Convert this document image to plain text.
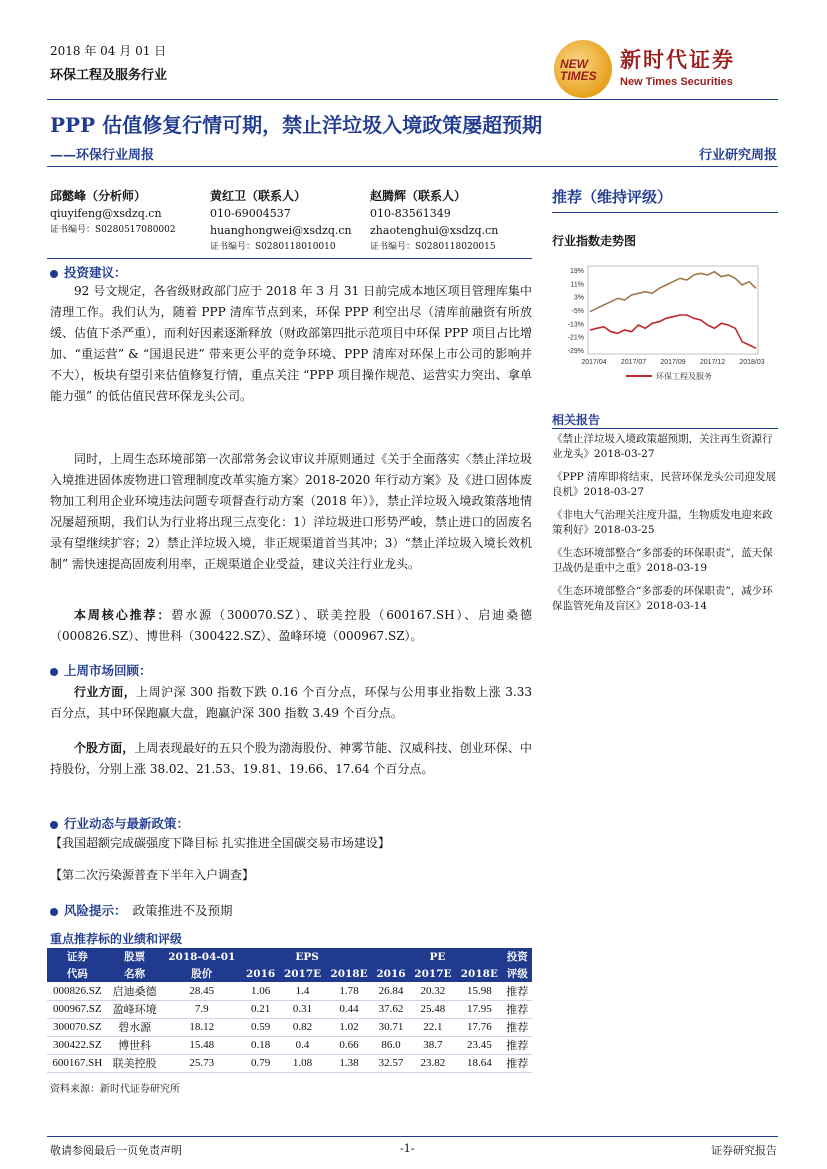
2018 年 04 月 01 日
环保工程及服务行业
NEW
TIMES
新时代证券
New Times Securities
PPP 估值修复行情可期，禁止洋垃圾入境政策屡超预期
——环保行业周报	行业研究周报
邱懿峰（分析师）
qiuyifeng@xsdzq.cn
证书编号：S0280517080002
黄红卫（联系人）
010-69004537
huanghongwei@xsdzq.cn
证书编号：S0280118010010
赵腾辉（联系人）
010-83561349
zhaotenghui@xsdzq.cn
证书编号：S0280118020015
投资建议：
92 号文规定，各省级财政部门应于 2018 年 3 月 31 日前完成本地区项目管理库集中清理工作。我们认为，随着 PPP 清库节点到来，环保 PPP 利空出尽（清库前融资有所放缓、估值下杀严重），而利好因素逐渐释放（财政部第四批示范项目中环保 PPP 项目占比增加、“重运营” & “国退民进” 带来更公平的竞争环境、PPP 清库对环保上市公司的影响并不大），板块有望引来估值修复行情，重点关注 “PPP 项目操作规范、运营实力突出、拿单能力强” 的低估值民营环保龙头公司。
同时，上周生态环境部第一次部常务会议审议并原则通过《关于全面落实〈禁止洋垃圾入境推进固体废物进口管理制度改革实施方案〉2018-2020 年行动方案》及《进口固体废物加工利用企业环境违法问题专项督查行动方案（2018 年）》，禁止洋垃圾入境政策落地情况屡超预期，我们认为行业将出现三点变化：1）洋垃圾进口形势严峻，禁止进口的固废名录有望继续扩容；2）禁止洋垃圾入境，非正规渠道首当其冲；3）“禁止洋垃圾入境长效机制” 需快速提高固废利用率，正规渠道企业受益，建议关注行业龙头。
本周核心推荐：碧水源（300070.SZ）、联美控股（600167.SH）、启迪桑德（000826.SZ）、博世科（300422.SZ）、盈峰环境（000967.SZ）。
上周市场回顾：
行业方面，上周沪深 300 指数下跌 0.16 个百分点，环保与公用事业指数上涨 3.33 百分点，其中环保跑赢大盘，跑赢沪深 300 指数 3.49 个百分点。
个股方面，上周表现最好的五只个股为渤海股份、神雾节能、汉威科技、创业环保、中持股份，分别上涨 38.02、21.53、19.81、19.66、17.64 个百分点。
行业动态与最新政策：
【我国超额完成碳强度下降目标 扎实推进全国碳交易市场建设】
【第二次污染源普查下半年入户调查】
风险提示： 政策推进不及预期
重点推荐标的业绩和评级
证券	股票	2018-04-01	EPS			PE			投资
代码	名称	股价	2016	2017E	2018E	2016	2017E	2018E	评级
000826.SZ	启迪桑德	28.45	1.06	1.4	1.78	26.84	20.32	15.98	推荐
000967.SZ	盈峰环境	7.9	0.21	0.31	0.44	37.62	25.48	17.95	推荐
300070.SZ	碧水源	18.12	0.59	0.82	1.02	30.71	22.1	17.76	推荐
300422.SZ	博世科	15.48	0.18	0.4	0.66	86.0	38.7	23.45	推荐
600167.SH	联美控股	25.73	0.79	1.08	1.38	32.57	23.82	18.64	推荐
资料来源：新时代证券研究所
推荐（维持评级）
行业指数走势图
19%
11%
3%
-5%
-13%
-21%
-29%
2017/04 2017/07 2017/09 2017/12 2018/03
环保工程及服务
相关报告
《禁止洋垃圾入境政策超预期，关注再生资源行业龙头》2018-03-27
《PPP 清库即将结束，民营环保龙头公司迎发展良机》2018-03-27
《非电大气治理关注度升温，生物质发电迎来政策利好》2018-03-25
《生态环境部整合“多部委的环保职责”，蓝天保卫战仍是重中之重》2018-03-19
《生态环境部整合“多部委的环保职责”，减少环保监管死角及盲区》2018-03-14
敬请参阅最后一页免责声明	-1-	证券研究报告
